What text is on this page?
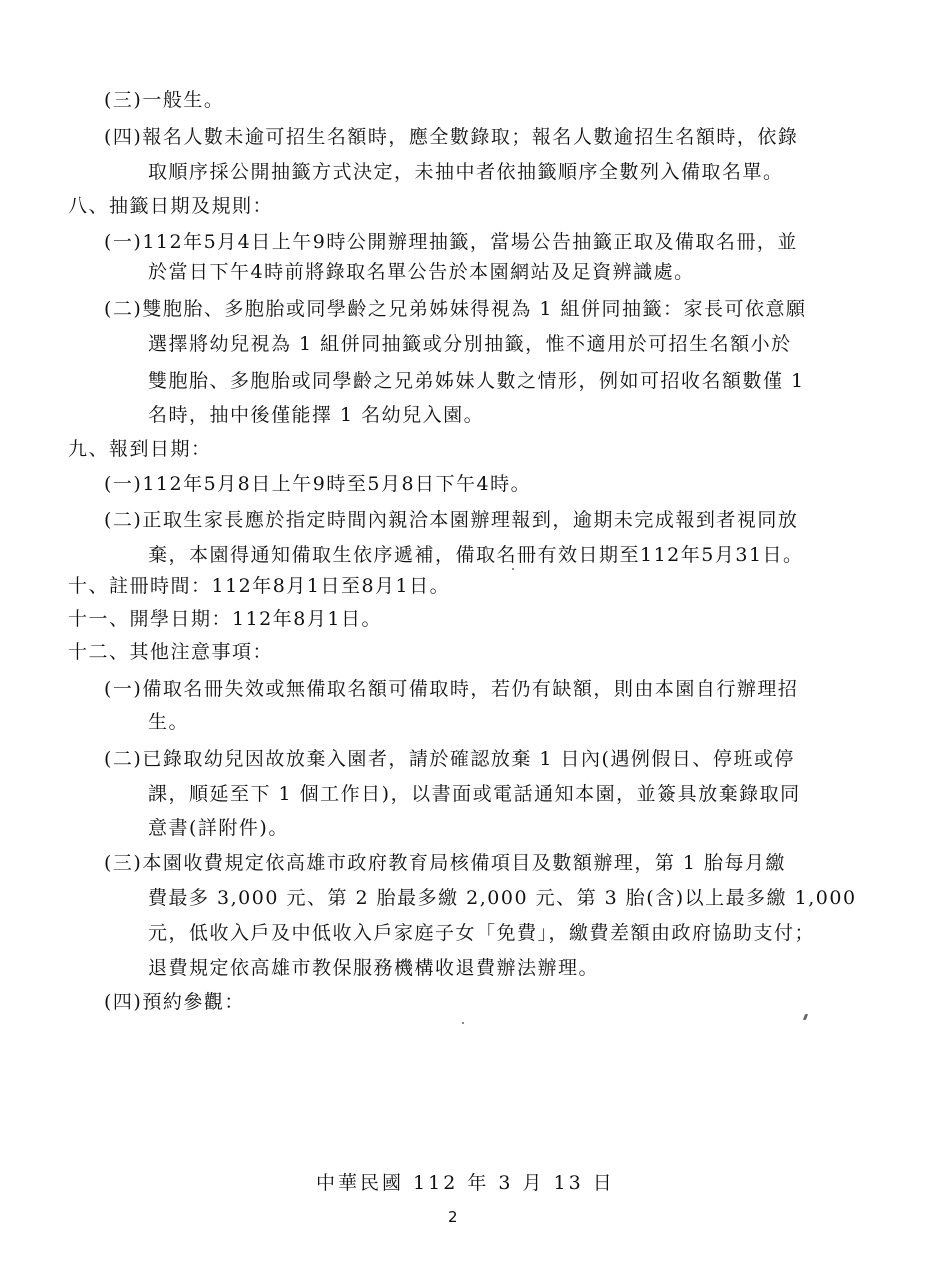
(三)一般生。
(四)報名人數未逾可招生名額時，應全數錄取；報名人數逾招生名額時，依錄
取順序採公開抽籤方式決定，未抽中者依抽籤順序全數列入備取名單。
八、抽籤日期及規則：
(一)112年5月4日上午9時公開辦理抽籤，當場公告抽籤正取及備取名冊，並
於當日下午4時前將錄取名單公告於本園網站及足資辨識處。
(二)雙胞胎、多胞胎或同學齡之兄弟姊妹得視為 1 組併同抽籤：家長可依意願
選擇將幼兒視為 1 組併同抽籤或分別抽籤，惟不適用於可招生名額小於
雙胞胎、多胞胎或同學齡之兄弟姊妹人數之情形，例如可招收名額數僅 1
名時，抽中後僅能擇 1 名幼兒入園。
九、報到日期：
(一)112年5月8日上午9時至5月8日下午4時。
(二)正取生家長應於指定時間內親洽本園辦理報到，逾期未完成報到者視同放
棄，本園得通知備取生依序遞補，備取名冊有效日期至112年5月31日。
十、註冊時間：112年8月1日至8月1日。
十一、開學日期：112年8月1日。
十二、其他注意事項：
(一)備取名冊失效或無備取名額可備取時，若仍有缺額，則由本園自行辦理招
生。
(二)已錄取幼兒因故放棄入園者，請於確認放棄 1 日內(遇例假日、停班或停
課，順延至下 1 個工作日)，以書面或電話通知本園，並簽具放棄錄取同
意書(詳附件)。
(三)本園收費規定依高雄市政府教育局核備項目及數額辦理，第 1 胎每月繳
費最多 3,000 元、第 2 胎最多繳 2,000 元、第 3 胎(含)以上最多繳 1,000
元，低收入戶及中低收入戶家庭子女「免費」，繳費差額由政府協助支付；
退費規定依高雄市教保服務機構收退費辦法辦理。
(四)預約參觀：
中華民國 112 年 3 月 13 日
2
